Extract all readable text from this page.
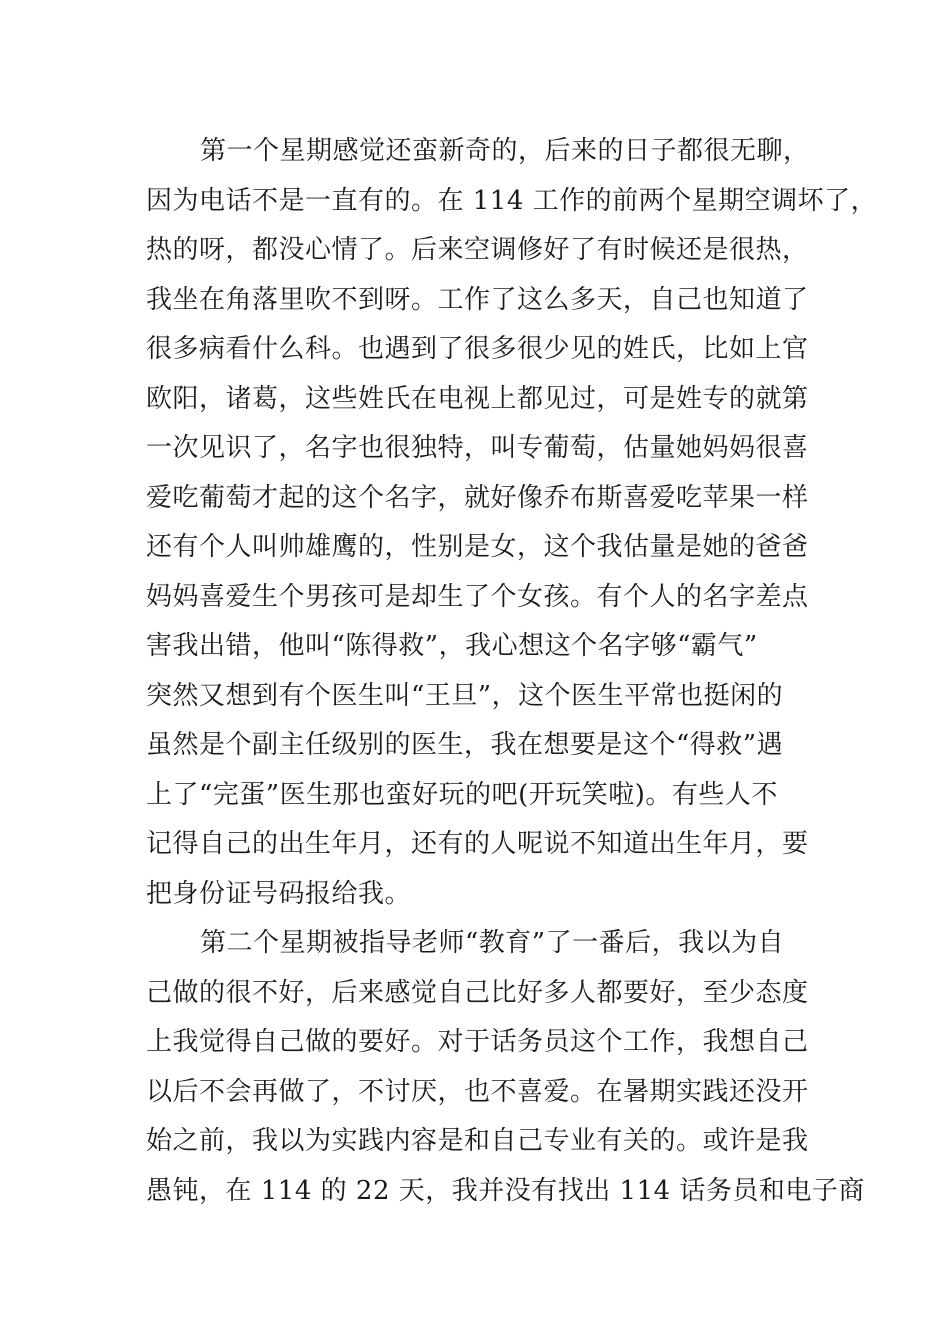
第一个星期感觉还蛮新奇的，后来的日子都很无聊，
因为电话不是一直有的。在 114 工作的前两个星期空调坏了，
热的呀，都没心情了。后来空调修好了有时候还是很热，
我坐在角落里吹不到呀。工作了这么多天，自己也知道了
很多病看什么科。也遇到了很多很少见的姓氏，比如上官
欧阳，诸葛，这些姓氏在电视上都见过，可是姓专的就第
一次见识了，名字也很独特，叫专葡萄，估量她妈妈很喜
爱吃葡萄才起的这个名字，就好像乔布斯喜爱吃苹果一样
还有个人叫帅雄鹰的，性别是女，这个我估量是她的爸爸
妈妈喜爱生个男孩可是却生了个女孩。有个人的名字差点
害我出错，他叫“陈得救”，我心想这个名字够“霸气”
突然又想到有个医生叫“王旦”，这个医生平常也挺闲的
虽然是个副主任级别的医生，我在想要是这个“得救”遇
上了“完蛋”医生那也蛮好玩的吧(开玩笑啦)。有些人不
记得自己的出生年月，还有的人呢说不知道出生年月，要
把身份证号码报给我。
第二个星期被指导老师“教育”了一番后，我以为自
己做的很不好，后来感觉自己比好多人都要好，至少态度
上我觉得自己做的要好。对于话务员这个工作，我想自己
以后不会再做了，不讨厌，也不喜爱。在暑期实践还没开
始之前，我以为实践内容是和自己专业有关的。或许是我
愚钝，在 114 的 22 天，我并没有找出 114 话务员和电子商
